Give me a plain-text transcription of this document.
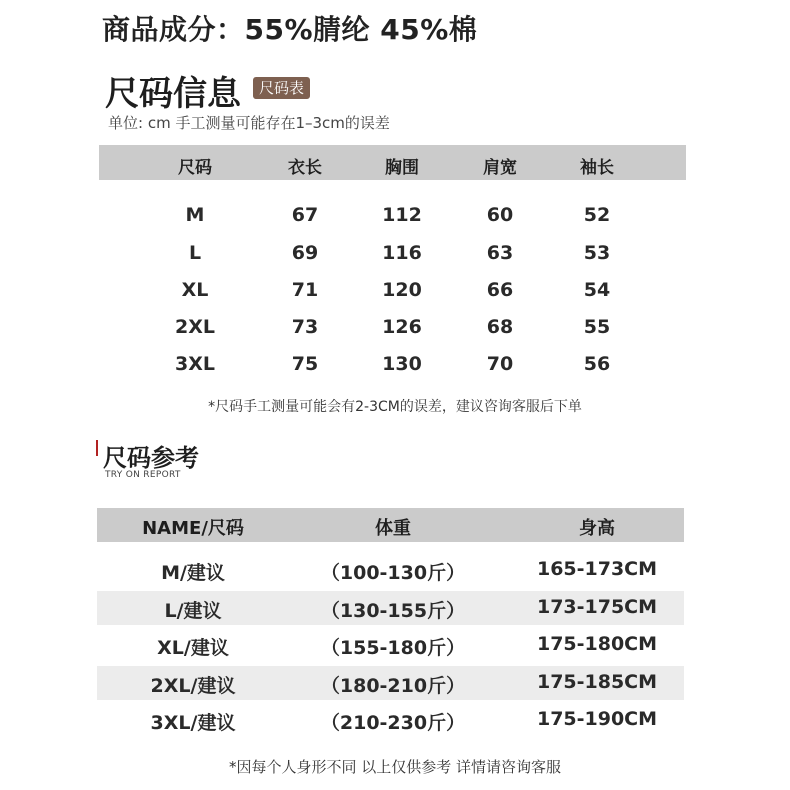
商品成分：55%腈纶 45%棉
尺码信息	尺码表
单位: cm 手工测量可能存在1–3cm的误差
尺码	衣长	胸围	肩宽	袖长
M	67	112	60	52
L	69	116	63	53
XL	71	120	66	54
2XL	73	126	68	55
3XL	75	130	70	56
*尺码手工测量可能会有2-3CM的误差，建议咨询客服后下单
尺码参考
TRY ON REPORT
NAME/尺码	体重	身高
M/建议	（100-130斤）	165-173CM
L/建议	（130-155斤）	173-175CM
XL/建议	（155-180斤）	175-180CM
2XL/建议	（180-210斤）	175-185CM
3XL/建议	（210-230斤）	175-190CM
*因每个人身形不同 以上仅供参考 详情请咨询客服
